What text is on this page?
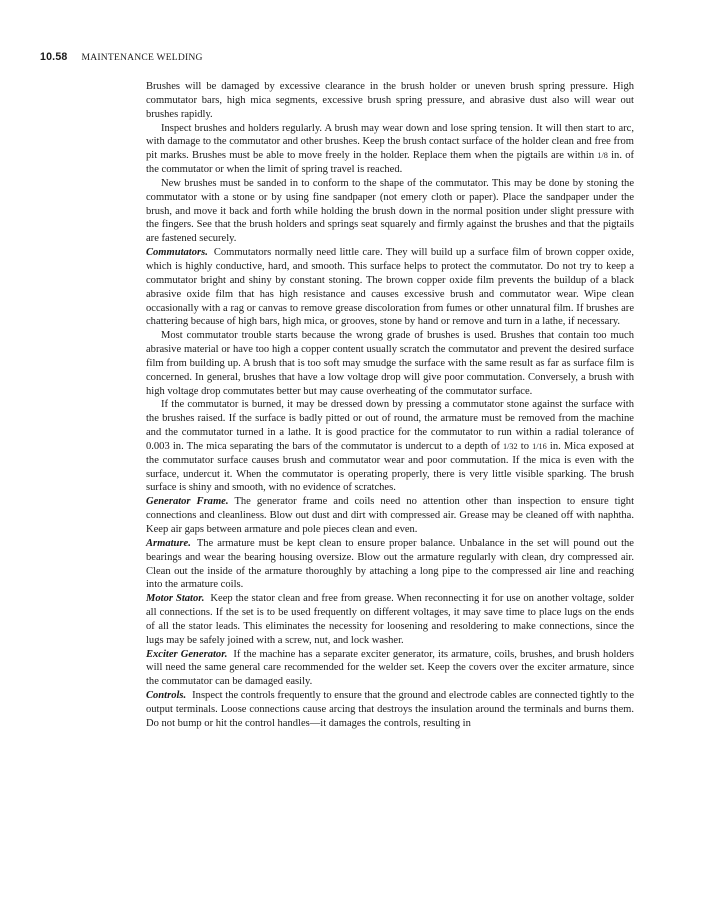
10.58 MAINTENANCE WELDING

Brushes will be damaged by excessive clearance in the brush holder or uneven brush spring pressure. High commutator bars, high mica segments, excessive brush spring pressure, and abrasive dust also will wear out brushes rapidly.

Inspect brushes and holders regularly. A brush may wear down and lose spring tension. It will then start to arc, with damage to the commutator and other brushes. Keep the brush contact surface of the holder clean and free from pit marks. Brushes must be able to move freely in the holder. Replace them when the pigtails are within 1/8 in. of the commutator or when the limit of spring travel is reached.

New brushes must be sanded in to conform to the shape of the commutator. This may be done by stoning the commutator with a stone or by using fine sandpaper (not emery cloth or paper). Place the sandpaper under the brush, and move it back and forth while holding the brush down in the normal position under slight pressure with the fingers. See that the brush holders and springs seat squarely and firmly against the brushes and that the pigtails are fastened securely.

Commutators. Commutators normally need little care. They will build up a surface film of brown copper oxide, which is highly conductive, hard, and smooth. This surface helps to protect the commutator. Do not try to keep a commutator bright and shiny by constant stoning. The brown copper oxide film prevents the buildup of a black abrasive oxide film that has high resistance and causes excessive brush and commutator wear. Wipe clean occasionally with a rag or canvas to remove grease discoloration from fumes or other unnatural film. If brushes are chattering because of high bars, high mica, or grooves, stone by hand or remove and turn in a lathe, if necessary.

Most commutator trouble starts because the wrong grade of brushes is used. Brushes that contain too much abrasive material or have too high a copper content usually scratch the commutator and prevent the desired surface film from building up. A brush that is too soft may smudge the surface with the same result as far as surface film is concerned. In general, brushes that have a low voltage drop will give poor commutation. Conversely, a brush with high voltage drop commutates better but may cause overheating of the commutator surface.

If the commutator is burned, it may be dressed down by pressing a commutator stone against the surface with the brushes raised. If the surface is badly pitted or out of round, the armature must be removed from the machine and the commutator turned in a lathe. It is good practice for the commutator to run within a radial tolerance of 0.003 in. The mica separating the bars of the commutator is undercut to a depth of 1/32 to 1/16 in. Mica exposed at the commutator surface causes brush and commutator wear and poor commutation. If the mica is even with the surface, undercut it. When the commutator is operating properly, there is very little visible sparking. The brush surface is shiny and smooth, with no evidence of scratches.

Generator Frame. The generator frame and coils need no attention other than inspection to ensure tight connections and cleanliness. Blow out dust and dirt with compressed air. Grease may be cleaned off with naphtha. Keep air gaps between armature and pole pieces clean and even.

Armature. The armature must be kept clean to ensure proper balance. Unbalance in the set will pound out the bearings and wear the bearing housing oversize. Blow out the armature regularly with clean, dry compressed air. Clean out the inside of the armature thoroughly by attaching a long pipe to the compressed air line and reaching into the armature coils.

Motor Stator. Keep the stator clean and free from grease. When reconnecting it for use on another voltage, solder all connections. If the set is to be used frequently on different voltages, it may save time to place lugs on the ends of all the stator leads. This eliminates the necessity for loosening and resoldering to make connections, since the lugs may be safely joined with a screw, nut, and lock washer.

Exciter Generator. If the machine has a separate exciter generator, its armature, coils, brushes, and brush holders will need the same general care recommended for the welder set. Keep the covers over the exciter armature, since the commutator can be damaged easily.

Controls. Inspect the controls frequently to ensure that the ground and electrode cables are connected tightly to the output terminals. Loose connections cause arcing that destroys the insulation around the terminals and burns them. Do not bump or hit the control handles—it damages the controls, resulting in
